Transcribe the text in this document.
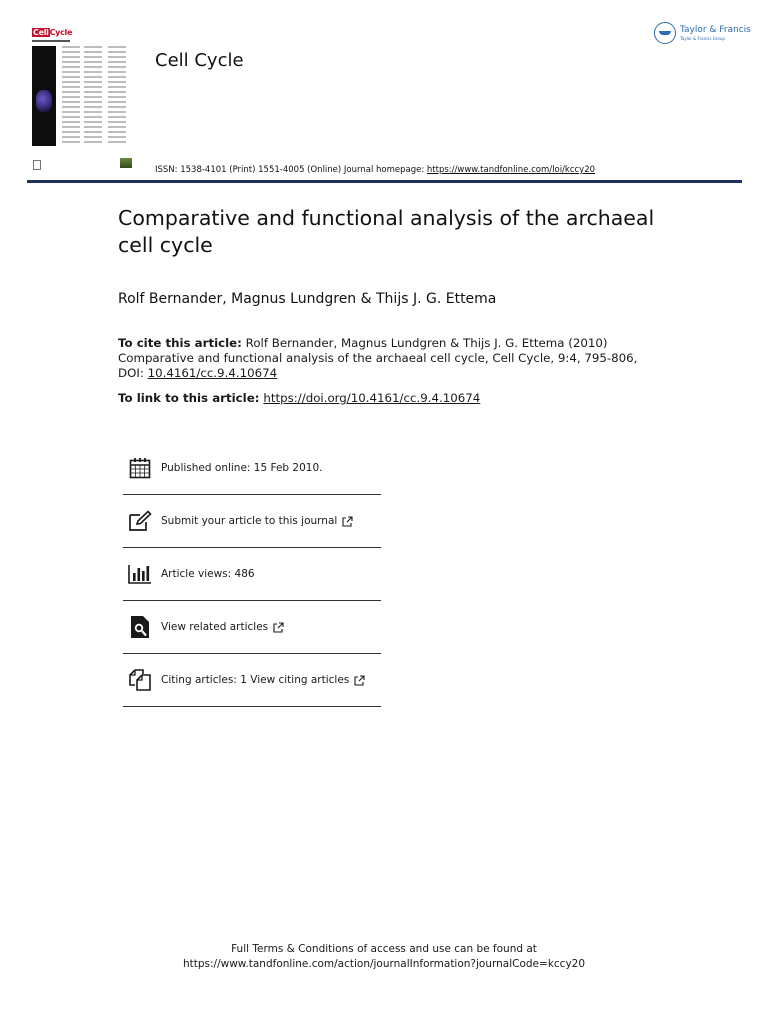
CellCycle
Cell Cycle
Taylor & Francis
Taylor & Francis Group
ISSN: 1538-4101 (Print) 1551-4005 (Online) Journal homepage: https://www.tandfonline.com/loi/kccy20
Comparative and functional analysis of the archaeal cell cycle
Rolf Bernander, Magnus Lundgren & Thijs J. G. Ettema
To cite this article: Rolf Bernander, Magnus Lundgren & Thijs J. G. Ettema (2010) Comparative and functional analysis of the archaeal cell cycle, Cell Cycle, 9:4, 795-806, DOI: 10.4161/cc.9.4.10674
To link to this article: https://doi.org/10.4161/cc.9.4.10674
Published online: 15 Feb 2010.
Submit your article to this journal
Article views: 486
View related articles
Citing articles: 1 View citing articles
Full Terms & Conditions of access and use can be found at
https://www.tandfonline.com/action/journalInformation?journalCode=kccy20
